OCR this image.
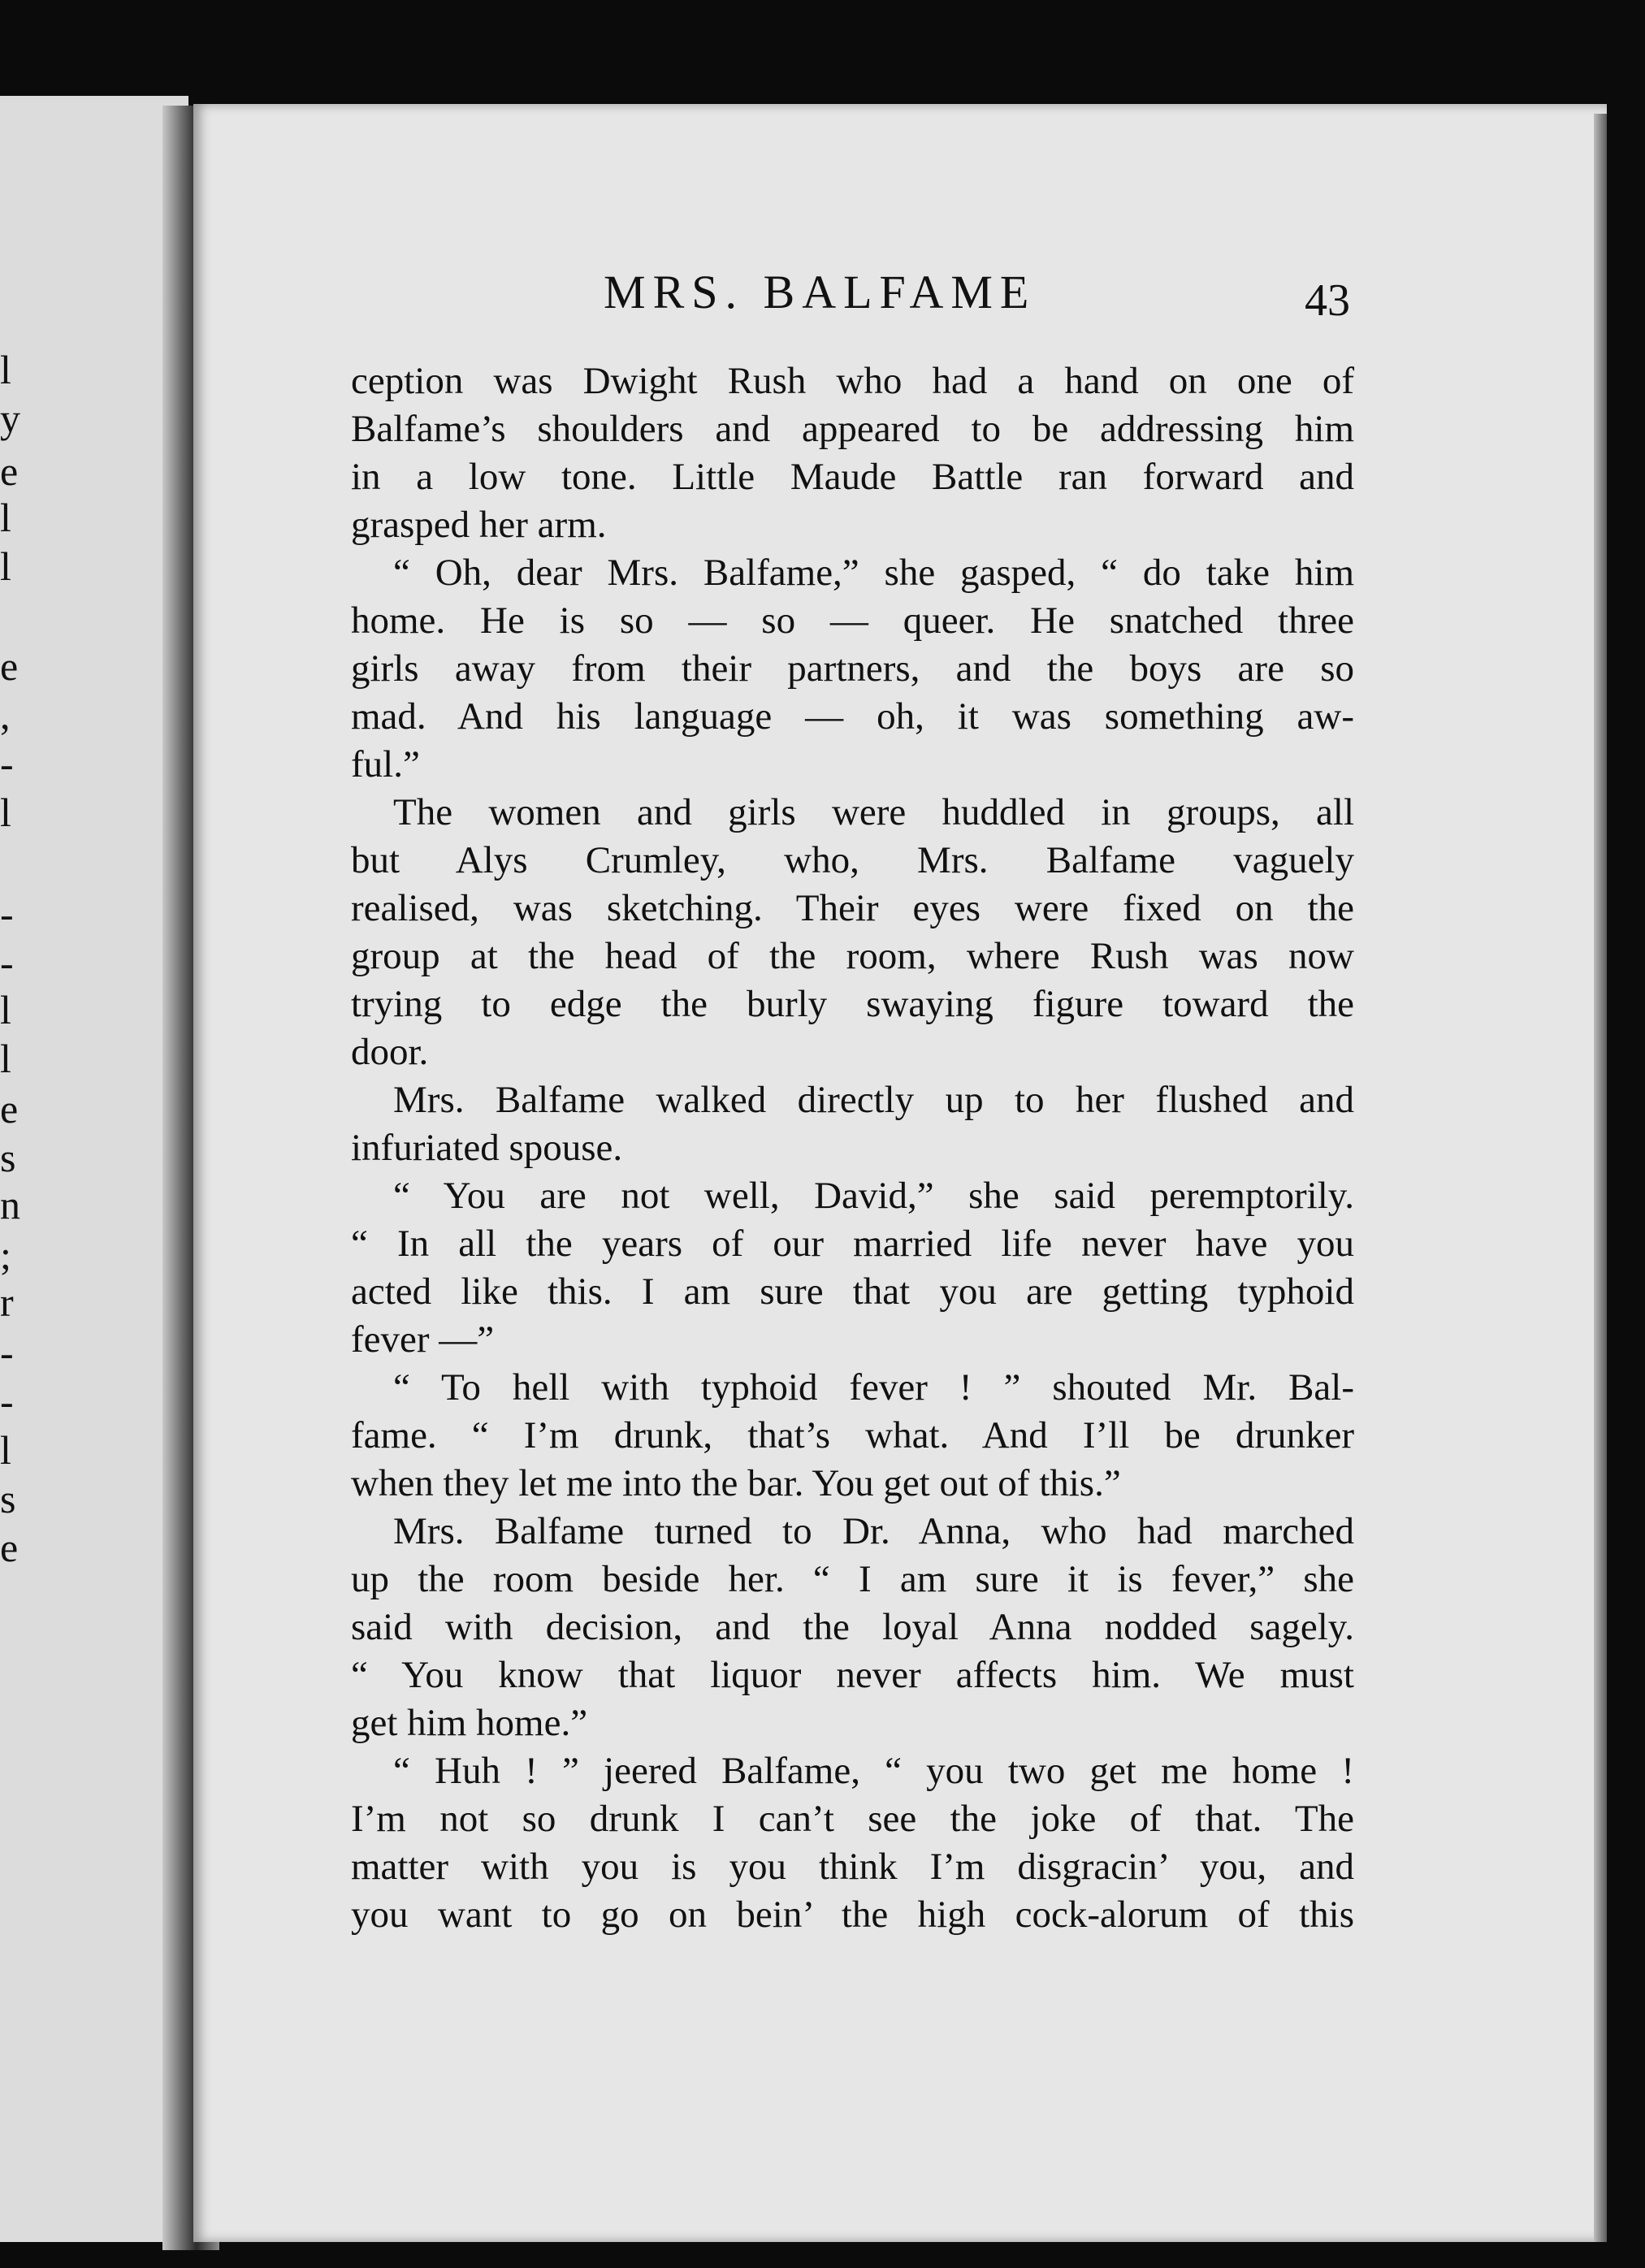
l
y
e
l
l
e
,
-
l
-
-
l
l
e
s
n
;
r
-
-
l
s
e
MRS. BALFAME	43
ception was Dwight Rush who had a hand on one of
Balfame’s shoulders and appeared to be addressing him
in a low tone. Little Maude Battle ran forward and
grasped her arm.
“ Oh, dear Mrs. Balfame,” she gasped, “ do take him
home. He is so — so — queer. He snatched three
girls away from their partners, and the boys are so
mad. And his language — oh, it was something aw-
ful.”
The women and girls were huddled in groups, all
but Alys Crumley, who, Mrs. Balfame vaguely
realised, was sketching. Their eyes were fixed on the
group at the head of the room, where Rush was now
trying to edge the burly swaying figure toward the
door.
Mrs. Balfame walked directly up to her flushed and
infuriated spouse.
“ You are not well, David,” she said peremptorily.
“ In all the years of our married life never have you
acted like this. I am sure that you are getting typhoid
fever —”
“ To hell with typhoid fever ! ” shouted Mr. Bal-
fame. “ I’m drunk, that’s what. And I’ll be drunker
when they let me into the bar. You get out of this.”
Mrs. Balfame turned to Dr. Anna, who had marched
up the room beside her. “ I am sure it is fever,” she
said with decision, and the loyal Anna nodded sagely.
“ You know that liquor never affects him. We must
get him home.”
“ Huh ! ” jeered Balfame, “ you two get me home !
I’m not so drunk I can’t see the joke of that. The
matter with you is you think I’m disgracin’ you, and
you want to go on bein’ the high cock-alorum of this
